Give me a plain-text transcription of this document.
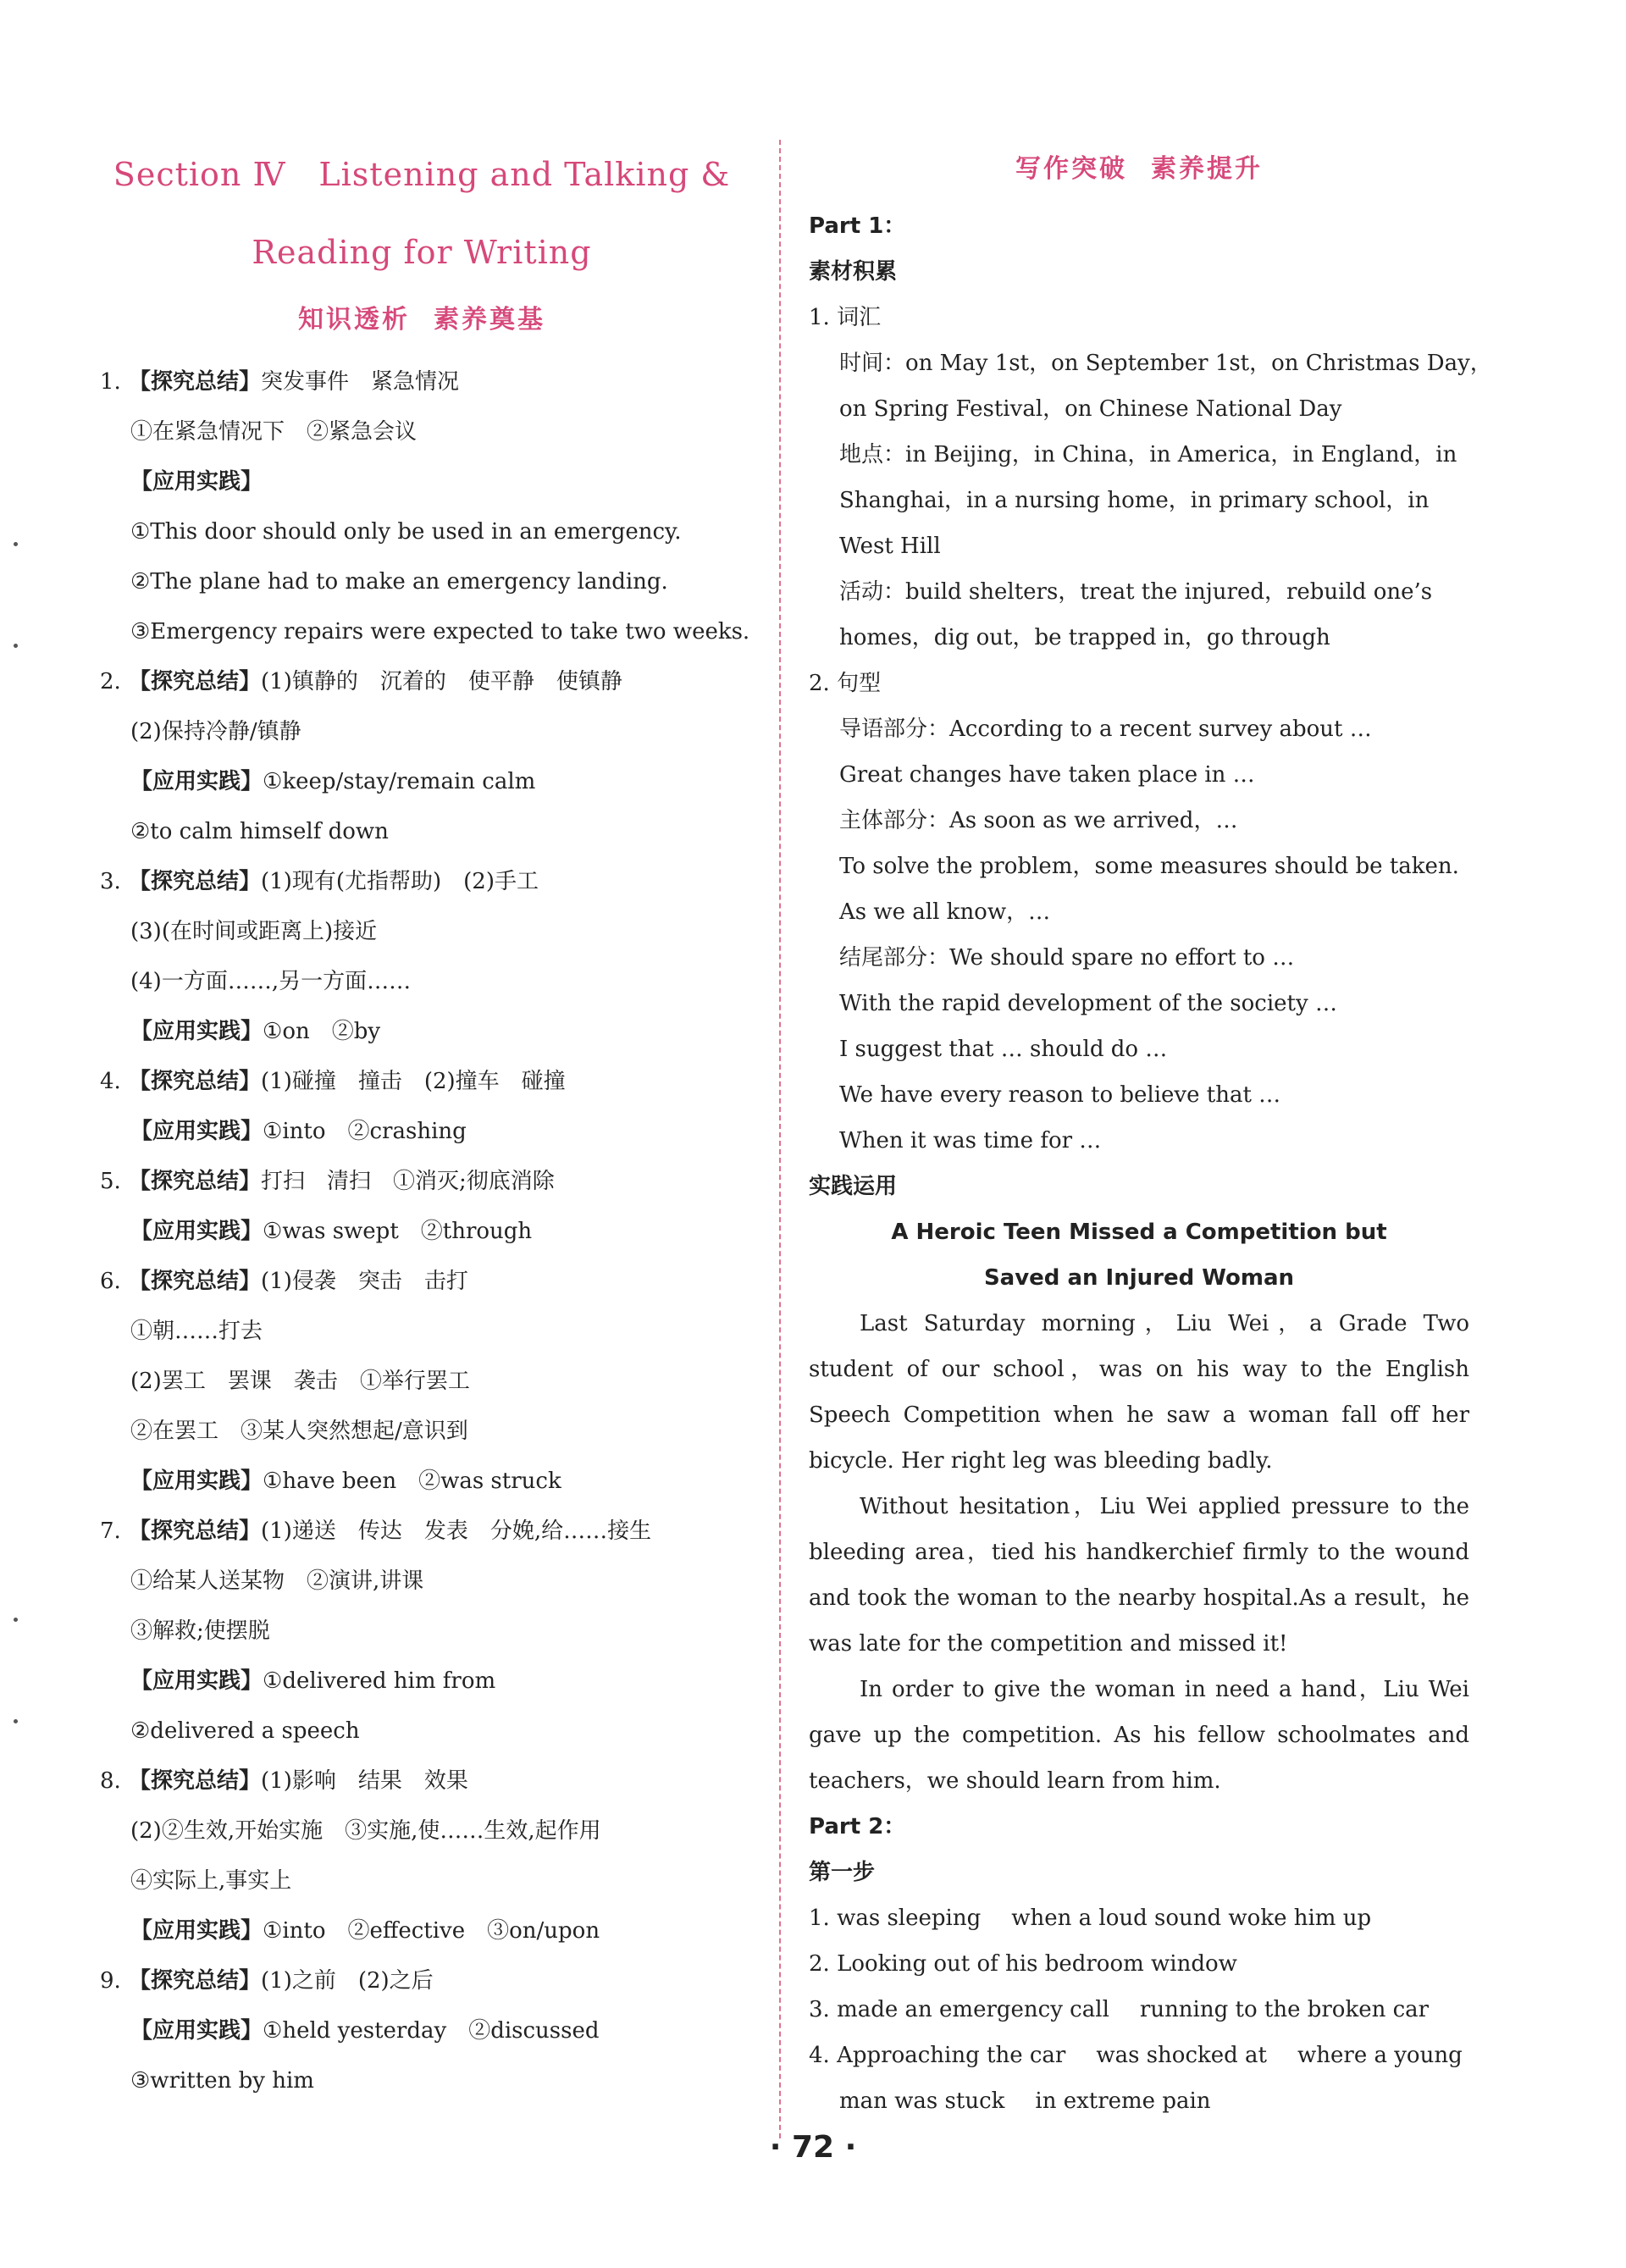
Section Ⅳ　Listening and Talking &

Reading for Writing

知识透析 素养奠基
1. 【探究总结】突发事件　紧急情况
①在紧急情况下　②紧急会议
【应用实践】
①This door should only be used in an emergency.
②The plane had to make an emergency landing.
③Emergency repairs were expected to take two weeks.
2. 【探究总结】(1)镇静的　沉着的　使平静　使镇静
(2)保持冷静/镇静
【应用实践】①keep/stay/remain calm
②to calm himself down
3. 【探究总结】(1)现有(尤指帮助)　(2)手工
(3)(在时间或距离上)接近
(4)一方面……,另一方面……
【应用实践】①on　②by
4. 【探究总结】(1)碰撞　撞击　(2)撞车　碰撞
【应用实践】①into　②crashing
5. 【探究总结】打扫　清扫　①消灭;彻底消除
【应用实践】①was swept　②through
6. 【探究总结】(1)侵袭　突击　击打
①朝……打去
(2)罢工　罢课　袭击　①举行罢工
②在罢工　③某人突然想起/意识到
【应用实践】①have been　②was struck
7. 【探究总结】(1)递送　传达　发表　分娩,给……接生
①给某人送某物　②演讲,讲课
③解救;使摆脱
【应用实践】①delivered him from
②delivered a speech
8. 【探究总结】(1)影响　结果　效果
(2)②生效,开始实施　③实施,使……生效,起作用
④实际上,事实上
【应用实践】①into　②effective　③on/upon
9. 【探究总结】(1)之前　(2)之后
【应用实践】①held yesterday　②discussed
③written by him
写作突破 素养提升
Part 1：
素材积累
1. 词汇
时间：on May 1st，on September 1st，on Christmas Day，
on Spring Festival，on Chinese National Day
地点：in Beijing，in China，in America，in England，in
Shanghai，in a nursing home，in primary school，in
West Hill
活动：build shelters，treat the injured，rebuild one’s
homes，dig out，be trapped in，go through
2. 句型
导语部分：According to a recent survey about …
Great changes have taken place in …
主体部分：As soon as we arrived，…
To solve the problem，some measures should be taken.
As we all know，…
结尾部分：We should spare no effort to …
With the rapid development of the society …
I suggest that … should do …
We have every reason to believe that …
When it was time for …
实践运用
A Heroic Teen Missed a Competition but
Saved an Injured Woman

Last Saturday morning，Liu Wei，a Grade Two student of our school，was on his way to the English Speech Competition when he saw a woman fall off her bicycle. Her right leg was bleeding badly.

Without hesitation，Liu Wei applied pressure to the bleeding area，tied his handkerchief firmly to the wound and took the woman to the nearby hospital.As a result，he was late for the competition and missed it!

In order to give the woman in need a hand，Liu Wei gave up the competition. As his fellow schoolmates and teachers，we should learn from him.

Part 2：
第一步
1. was sleeping when a loud sound woke him up
2. Looking out of his bedroom window
3. made an emergency call running to the broken car
4. Approaching the car was shocked at where a young
man was stuck in extreme pain
· 72 ·
